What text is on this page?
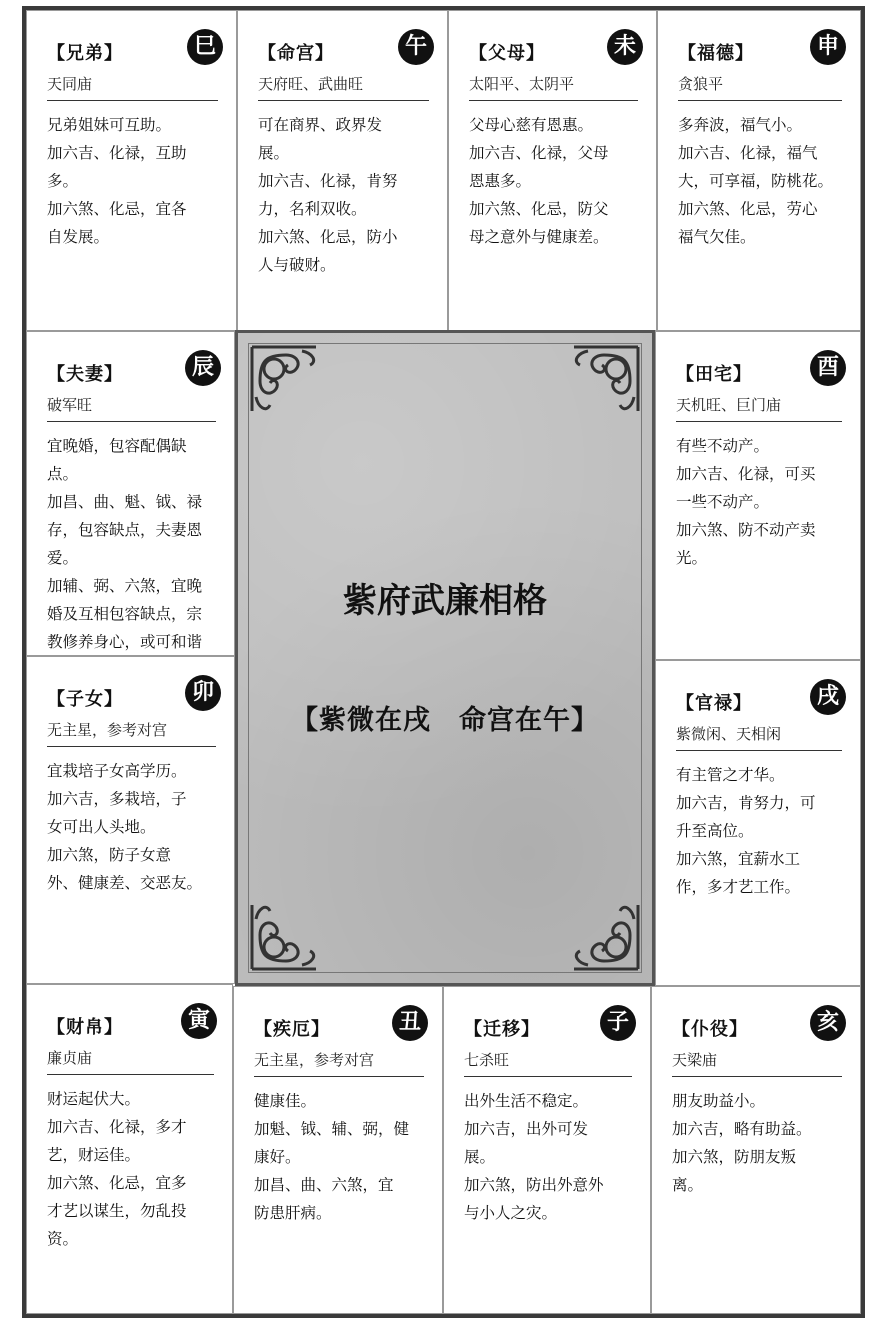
【兄弟】	巳
天同庙

兄弟姐妹可互助。

加六吉、化禄，互助

多。

加六煞、化忌，宜各

自发展。

【命宫】	午
天府旺、武曲旺

可在商界、政界发

展。

加六吉、化禄，肯努

力，名利双收。

加六煞、化忌，防小

人与破财。

【父母】	未
太阳平、太阴平

父母心慈有恩惠。

加六吉、化禄，父母

恩惠多。

加六煞、化忌，防父

母之意外与健康差。

【福德】	申
贪狼平

多奔波，福气小。

加六吉、化禄，福气

大，可享福，防桃花。

加六煞、化忌，劳心

福气欠佳。

【夫妻】	辰
破军旺

宜晚婚，包容配偶缺

点。

加昌、曲、魁、钺、禄

存，包容缺点，夫妻恩

爱。

加辅、弼、六煞，宜晚

婚及互相包容缺点，宗

教修养身心，或可和谐

【田宅】	酉
天机旺、巨门庙

有些不动产。

加六吉、化禄，可买

一些不动产。

加六煞、防不动产卖

光。

【子女】	卯
无主星，参考对宫

宜栽培子女高学历。

加六吉，多栽培，子

女可出人头地。

加六煞，防子女意

外、健康差、交恶友。

【官禄】	戌
紫微闲、天相闲

有主管之才华。

加六吉，肯努力，可

升至高位。

加六煞，宜薪水工

作，多才艺工作。

【财帛】	寅
廉贞庙

财运起伏大。

加六吉、化禄，多才

艺，财运佳。

加六煞、化忌，宜多

才艺以谋生，勿乱投

资。

【疾厄】	丑
无主星，参考对宫

健康佳。

加魁、钺、辅、弼，健

康好。

加昌、曲、六煞，宜

防患肝病。

【迁移】	子
七杀旺

出外生活不稳定。

加六吉，出外可发

展。

加六煞，防出外意外

与小人之灾。

【仆役】	亥
天梁庙

朋友助益小。

加六吉，略有助益。

加六煞，防朋友叛

离。

紫府武廉相格
【紫微在戌　命宫在午】
